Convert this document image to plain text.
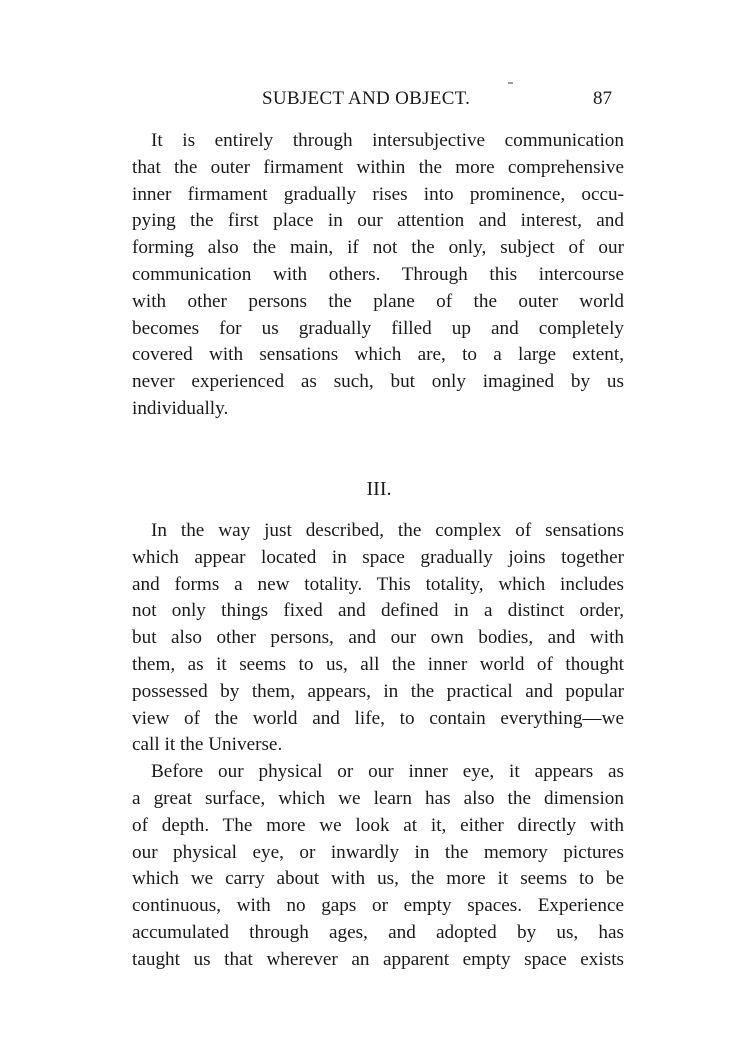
SUBJECT AND OBJECT.	87
It is entirely through intersubjective communication
that the outer firmament within the more comprehensive
inner firmament gradually rises into prominence, occu-
pying the first place in our attention and interest, and
forming also the main, if not the only, subject of our
communication with others. Through this intercourse
with other persons the plane of the outer world
becomes for us gradually filled up and completely
covered with sensations which are, to a large extent,
never experienced as such, but only imagined by us
individually.
III.
In the way just described, the complex of sensations
which appear located in space gradually joins together
and forms a new totality. This totality, which includes
not only things fixed and defined in a distinct order,
but also other persons, and our own bodies, and with
them, as it seems to us, all the inner world of thought
possessed by them, appears, in the practical and popular
view of the world and life, to contain everything—we
call it the Universe.
Before our physical or our inner eye, it appears as
a great surface, which we learn has also the dimension
of depth. The more we look at it, either directly with
our physical eye, or inwardly in the memory pictures
which we carry about with us, the more it seems to be
continuous, with no gaps or empty spaces. Experience
accumulated through ages, and adopted by us, has
taught us that wherever an apparent empty space exists
